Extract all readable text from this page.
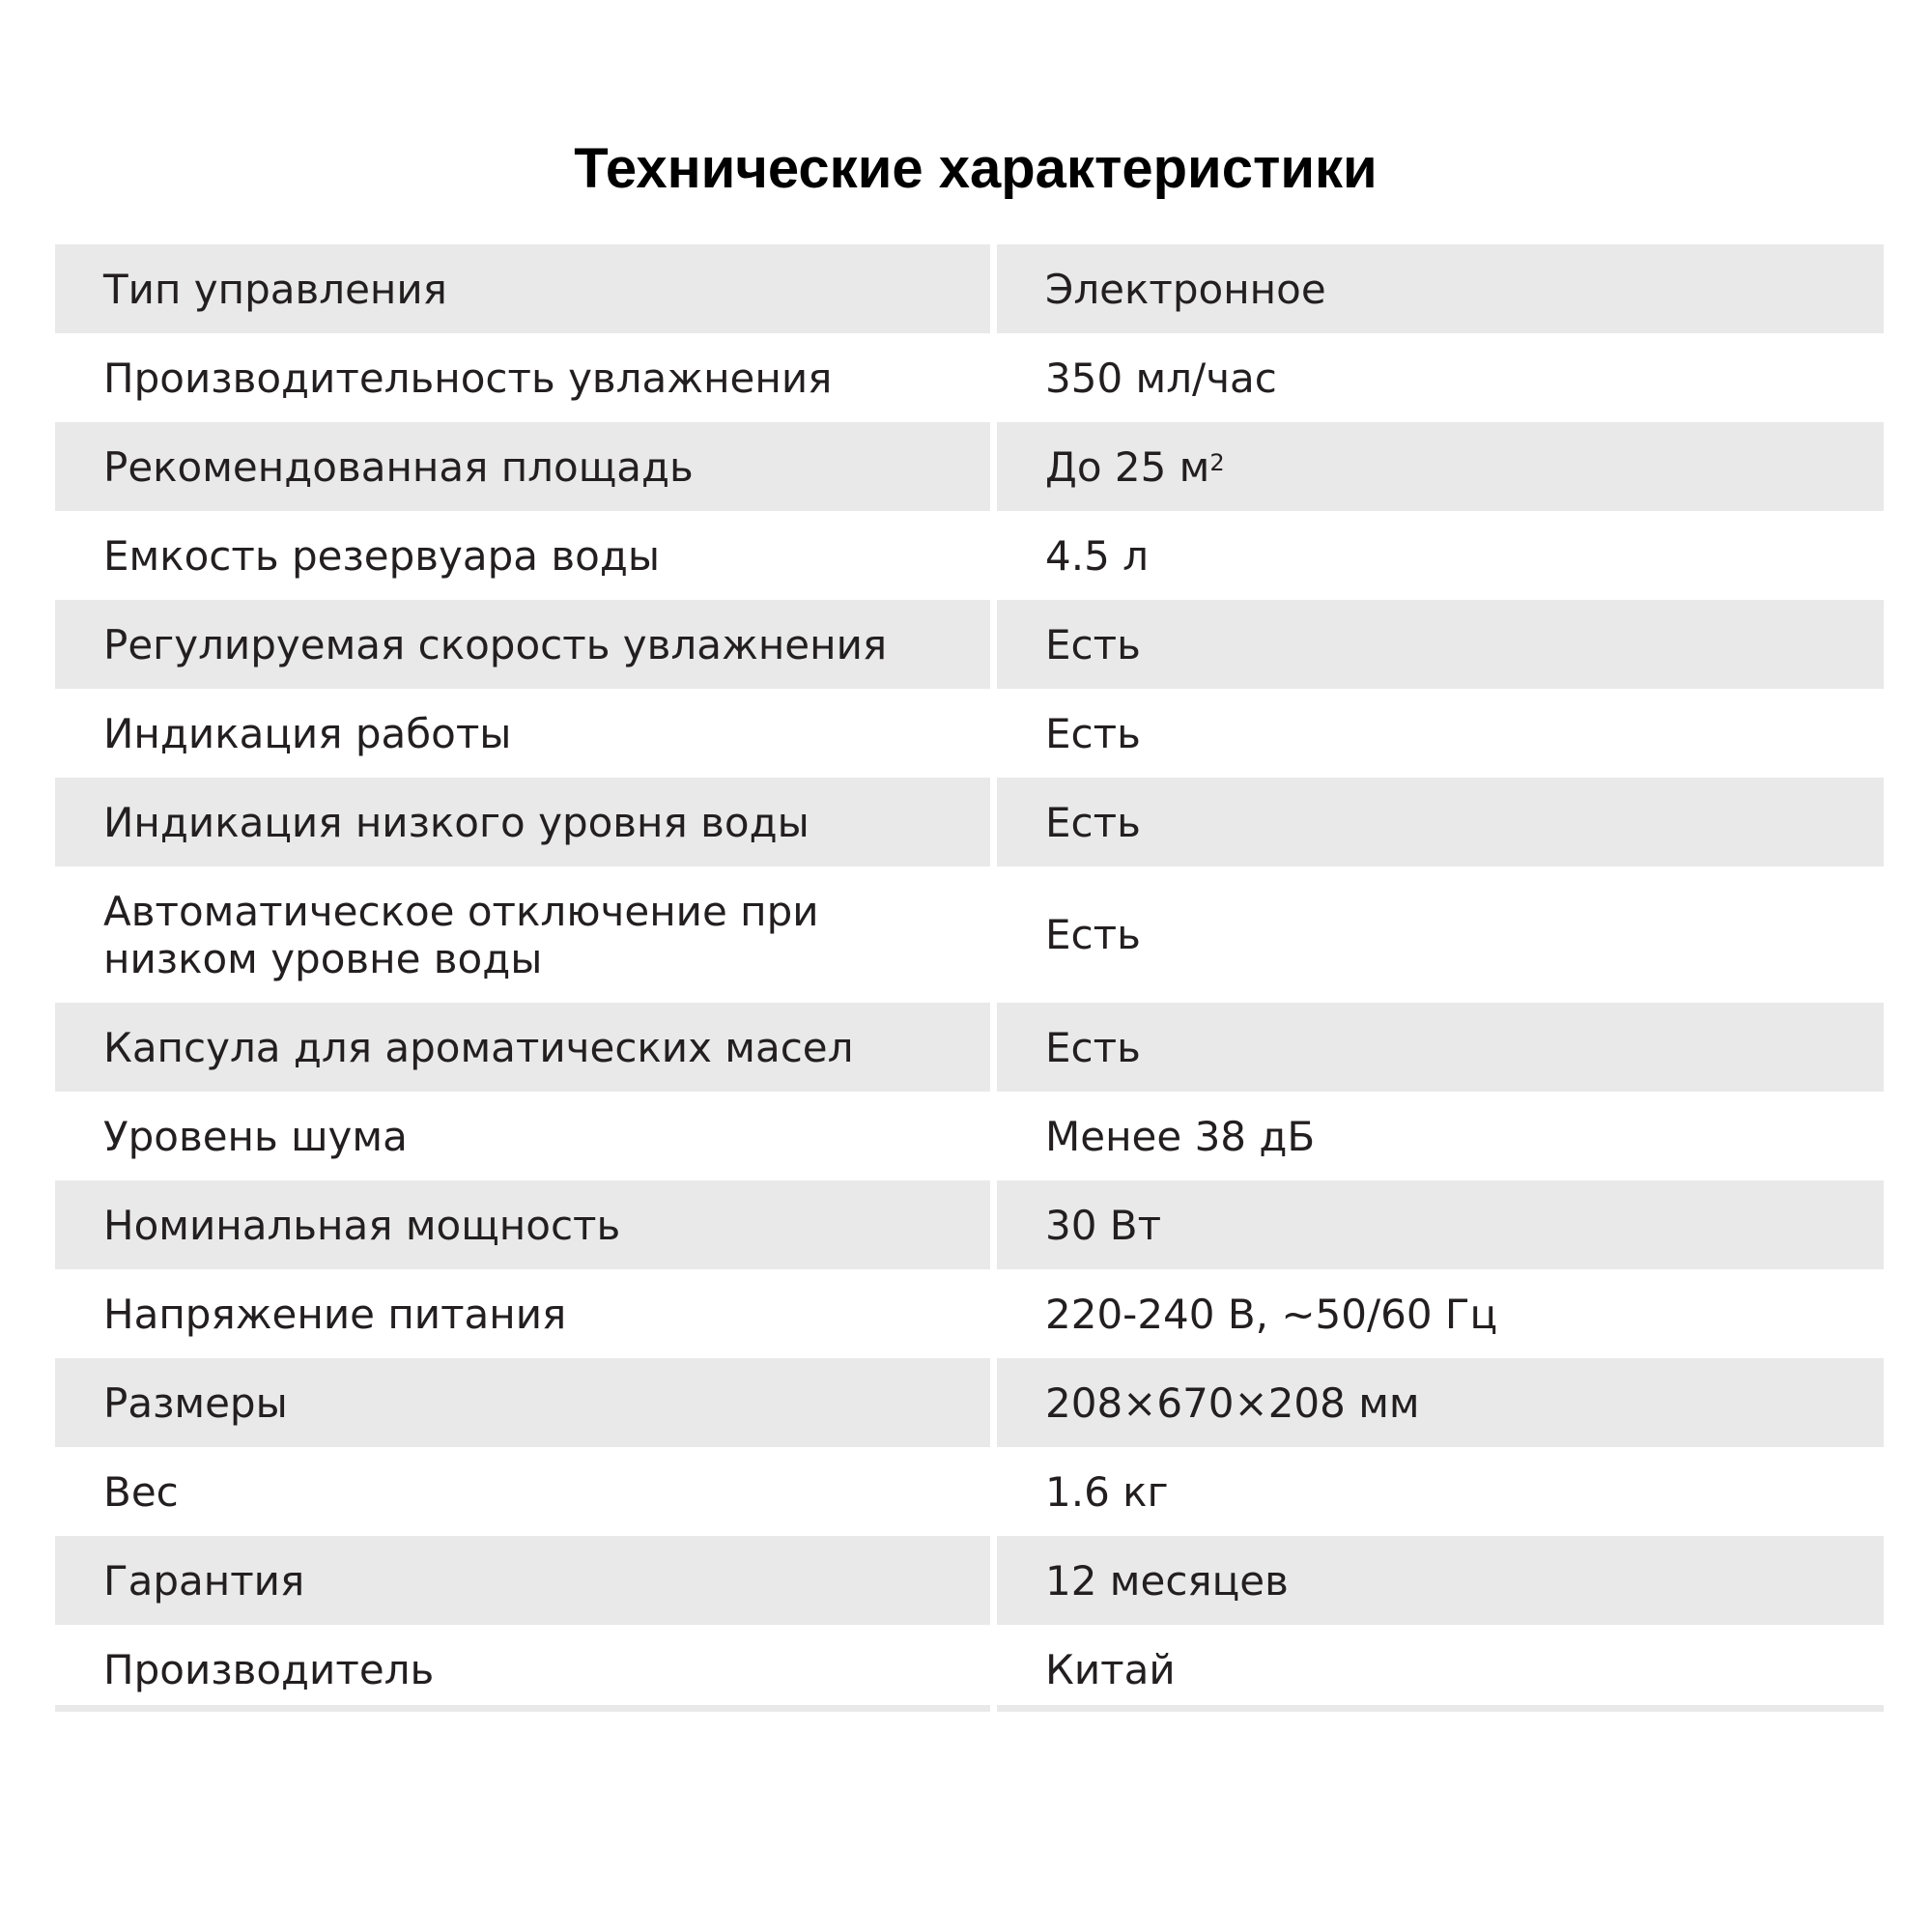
Технические характеристики
Тип управления	Электронное
Производительность увлажнения	350 мл/час
Рекомендованная площадь	До 25 $м^2$
Емкость резервуара воды	4.5 л
Регулируемая скорость увлажнения	Есть
Индикация работы	Есть
Индикация низкого уровня воды	Есть
Автоматическое отключение при низком уровне воды	Есть
Капсула для ароматических масел	Есть
Уровень шума	Менее 38 дБ
Номинальная мощность	30 Вт
Напряжение питания	220-240 В, ~50/60 Гц
Размеры	208×670×208 мм
Вес	1.6 кг
Гарантия	12 месяцев
Производитель	Китай
